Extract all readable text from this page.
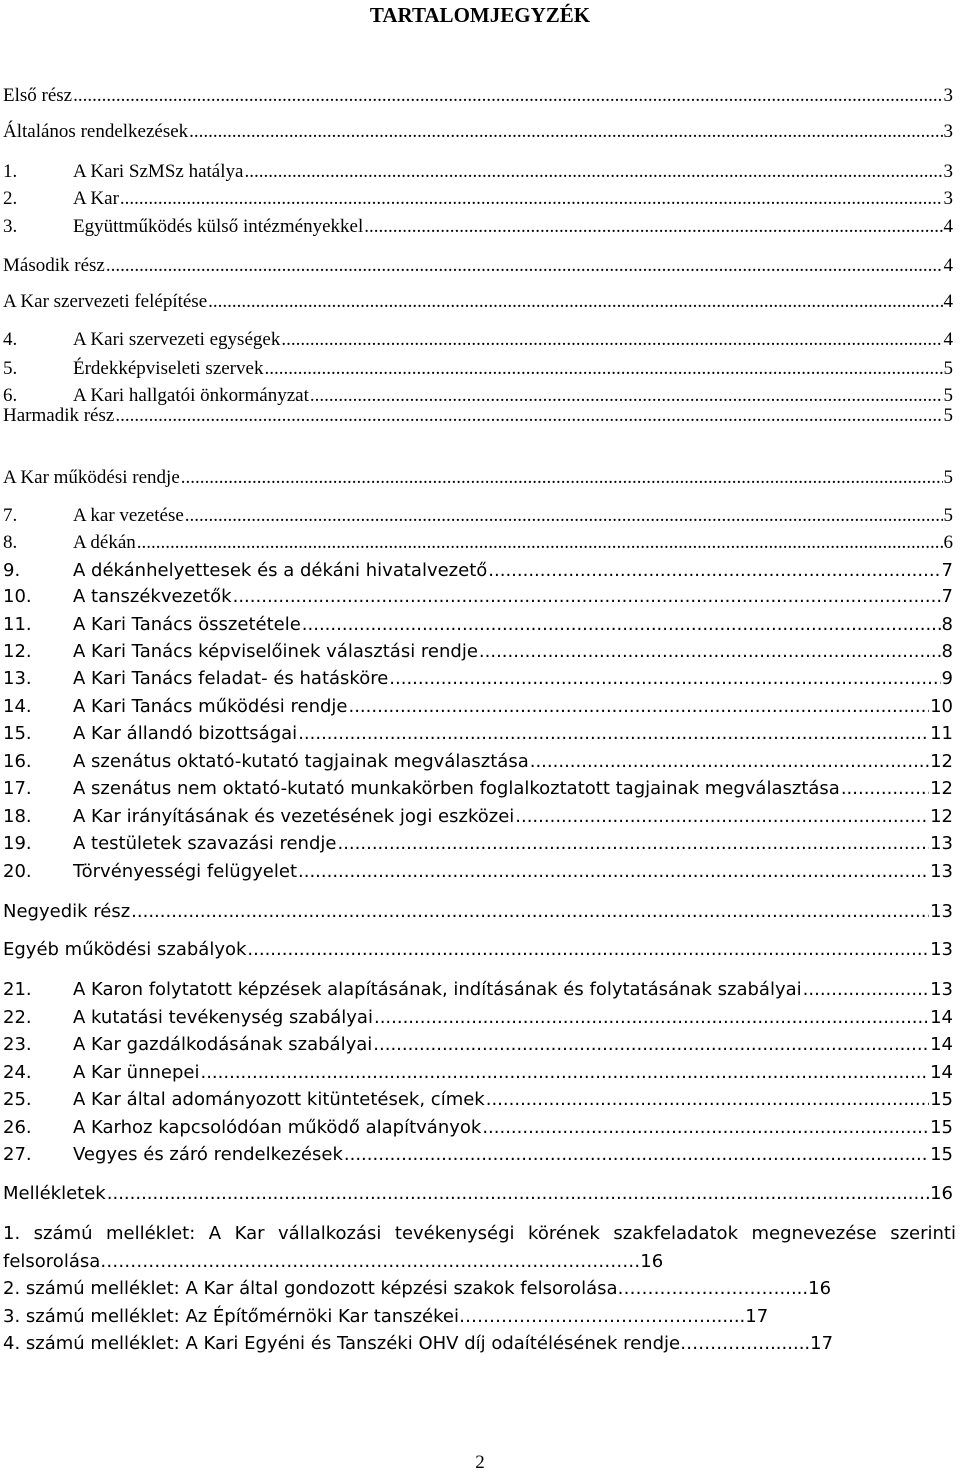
TARTALOMJEGYZÉK
Első rész .....	3
Általános rendelkezések .....	3
1.	A Kari SzMSz hatálya .....	3
2.	A Kar .....	3
3.	Együttműködés külső intézményekkel .....	4
Második rész .....	4
A Kar szervezeti felépítése .....	4
4.	A Kari szervezeti egységek .....	4
5.	Érdekképviseleti szervek .....	5
6.	A Kari hallgatói önkormányzat .....	5
Harmadik rész .....	5
A Kar működési rendje .....	5
7.	A kar vezetése .....	5
8.	A dékán .....	6
9.	A dékánhelyettesek és a dékáni hivatalvezető .....	7
10.	A tanszékvezetők .....	7
11.	A Kari Tanács összetétele .....	8
12.	A Kari Tanács képviselőinek választási rendje .....	8
13.	A Kari Tanács feladat- és hatásköre .....	9
14.	A Kari Tanács működési rendje .....	10
15.	A Kar állandó bizottságai .....	11
16.	A szenátus oktató-kutató tagjainak megválasztása .....	12
17.	A szenátus nem oktató-kutató munkakörben foglalkoztatott tagjainak megválasztása .....	12
18.	A Kar irányításának és vezetésének jogi eszközei .....	12
19.	A testületek szavazási rendje .....	13
20.	Törvényességi felügyelet .....	13
Negyedik rész .....	13
Egyéb működési szabályok .....	13
21.	A Karon folytatott képzések alapításának, indításának és folytatásának szabályai .....	13
22.	A kutatási tevékenység szabályai .....	14
23.	A Kar gazdálkodásának szabályai .....	14
24.	A Kar ünnepei .....	14
25.	A Kar által adományozott kitüntetések, címek .....	15
26.	A Karhoz kapcsolódóan működő alapítványok .....	15
27.	Vegyes és záró rendelkezések .....	15
Mellékletek .....	16
1. számú melléklet: A Kar vállalkozási tevékenységi körének szakfeladatok megnevezése szerinti
felsorolása………………………………………………………………………………16
2. számú melléklet: A Kar által gondozott képzési szakok felsorolása……………………….....16
3. számú melléklet: Az Építőmérnöki Kar tanszékei……………………………………......17
4. számú melléklet: A Kari Egyéni és Tanszéki OHV díj odaítélésének rendje…………….......17
2
